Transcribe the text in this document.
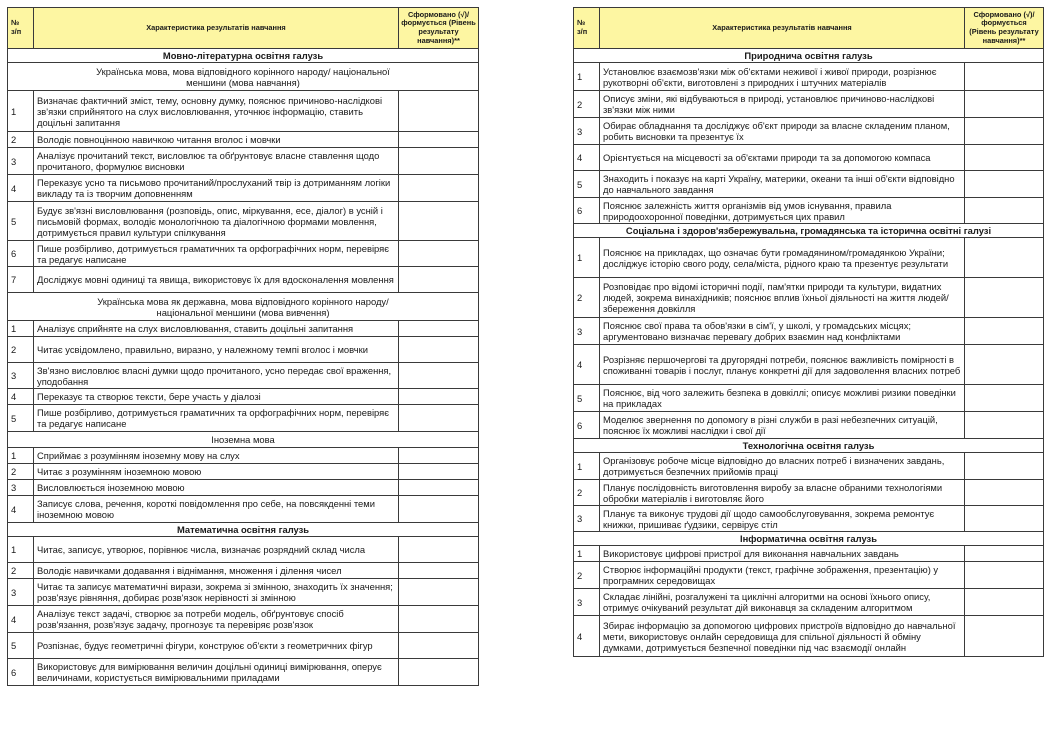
№
з/п	Характеристика результатів навчання	Сформовано (√)/ формується (Рівень результату навчання)**
Мовно-літературна освітня галузь		
Українська мова, мова відповідного корінного народу/ національної меншини (мова навчання)		
1	Визначає фактичний зміст, тему, основну думку, пояснює причиново-наслідкові зв'язки сприйнятого на слух висловлювання, уточнює інформацію, ставить доцільні запитання	
2	Володіє повноцінною навичкою читання вголос і мовчки	
3	Аналізує прочитаний текст, висловлює та обґрунтовує власне ставлення щодо прочитаного, формулює висновки	
4	Переказує усно та письмово прочитаний/прослуханий твір із дотриманням логіки викладу та із творчим доповненням	
5	Будує зв'язні висловлювання (розповідь, опис, міркування, есе, діалог) в усній і письмовій формах, володіє монологічною та діалогічною формами мовлення, дотримується правил культури спілкування	
6	Пише розбірливо, дотримується граматичних та орфографічних норм, перевіряє та редагує написане	
7	Досліджує мовні одиниці та явища, використовує їх для вдосконалення мовлення	
Українська мова як державна, мова відповідного корінного народу/ національної меншини (мова вивчення)		
1	Аналізує сприйняте на слух висловлювання, ставить доцільні запитання	
2	Читає усвідомлено, правильно, виразно, у належному темпі вголос і мовчки	
3	Зв'язно висловлює власні думки щодо прочитаного, усно передає свої враження, уподобання	
4	Переказує та створює тексти, бере участь у діалозі	
5	Пише розбірливо, дотримується граматичних та орфографічних норм, перевіряє та редагує написане	
Іноземна мова		
1	Сприймає з розумінням іноземну мову на слух	
2	Читає з розумінням іноземною мовою	
3	Висловлюється іноземною мовою	
4	Записує слова, речення, короткі повідомлення про себе, на повсякденні теми іноземною мовою	
Математична освітня галузь		
1	Читає, записує, утворює, порівнює числа, визначає розрядний склад числа	
2	Володіє навичками додавання і віднімання, множення і ділення чисел	
3	Читає та записує математичні вирази, зокрема зі змінною, знаходить їх значення; розв'язує рівняння, добирає розв'язок нерівності зі змінною	
4	Аналізує текст задачі, створює за потреби модель, обґрунтовує спосіб розв'язання, розв'язує задачу, прогнозує та перевіряє розв'язок	
5	Розпізнає, будує геометричні фігури, конструює об'єкти з геометричних фігур	
6	Використовує для вимірювання величин доцільні одиниці вимірювання, оперує величинами, користується вимірювальними приладами	
№
з/п	Характеристика результатів навчання	Сформовано (√)/ формується (Рівень результату навчання)**
Природнича освітня галузь		
1	Установлює взаємозв'язки між об'єктами неживої і живої природи, розрізнює рукотворні об'єкти, виготовлені з природних і штучних матеріалів	
2	Описує зміни, які відбуваються в природі, установлює причиново-наслідкові зв'язки між ними	
3	Обирає обладнання та досліджує об'єкт природи за власне складеним планом, робить висновки та презентує їх	
4	Орієнтується на місцевості за об'єктами природи та за допомогою компаса	
5	Знаходить і показує на карті Україну, материки, океани та інші об'єкти відповідно до навчального завдання	
6	Пояснює залежність життя організмів від умов існування, правила природоохоронної поведінки, дотримується цих правил	
Соціальна і здоров'язбережувальна, громадянська та історична освітні галузі		
1	Пояснює на прикладах, що означає бути громадянином/громадянкою України; досліджує історію свого роду, села/міста, рідного краю та презентує результати	
2	Розповідає про відомі історичні події, пам'ятки природи та культури, видатних людей, зокрема винахідників; пояснює вплив їхньої діяльності на життя людей/збереження довкілля	
3	Пояснює свої права та обов'язки в сім'ї, у школі, у громадських місцях; аргументовано визначає перевагу добрих взаємин над конфліктами	
4	Розрізняє першочергові та другорядні потреби, пояснює важливість помірності в споживанні товарів і послуг, планує конкретні дії для задоволення власних потреб	
5	Пояснює, від чого залежить безпека в довкіллі; описує можливі ризики поведінки на прикладах	
6	Моделює звернення по допомогу в різні служби в разі небезпечних ситуацій, пояснює їх можливі наслідки і свої дії	
Технологічна освітня галузь		
1	Організовує робоче місце відповідно до власних потреб і визначених завдань, дотримується безпечних прийомів праці	
2	Планує послідовність виготовлення виробу за власне обраними технологіями обробки матеріалів і виготовляє його	
3	Планує та виконує трудові дії щодо самообслуговування, зокрема ремонтує книжки, пришиває ґудзики, сервірує стіл	
Інформатична освітня галузь		
1	Використовує цифрові пристрої для виконання навчальних завдань	
2	Створює інформаційні продукти (текст, графічне зображення, презентацію) у програмних середовищах	
3	Складає лінійні, розгалужені та циклічні алгоритми на основі їхнього опису, отримує очікуваний результат дій виконавця за складеним алгоритмом	
4	Збирає інформацію за допомогою цифрових пристроїв відповідно до навчальної мети, використовує онлайн середовища для спільної діяльності й обміну думками, дотримується безпечної поведінки під час взаємодії онлайн	
